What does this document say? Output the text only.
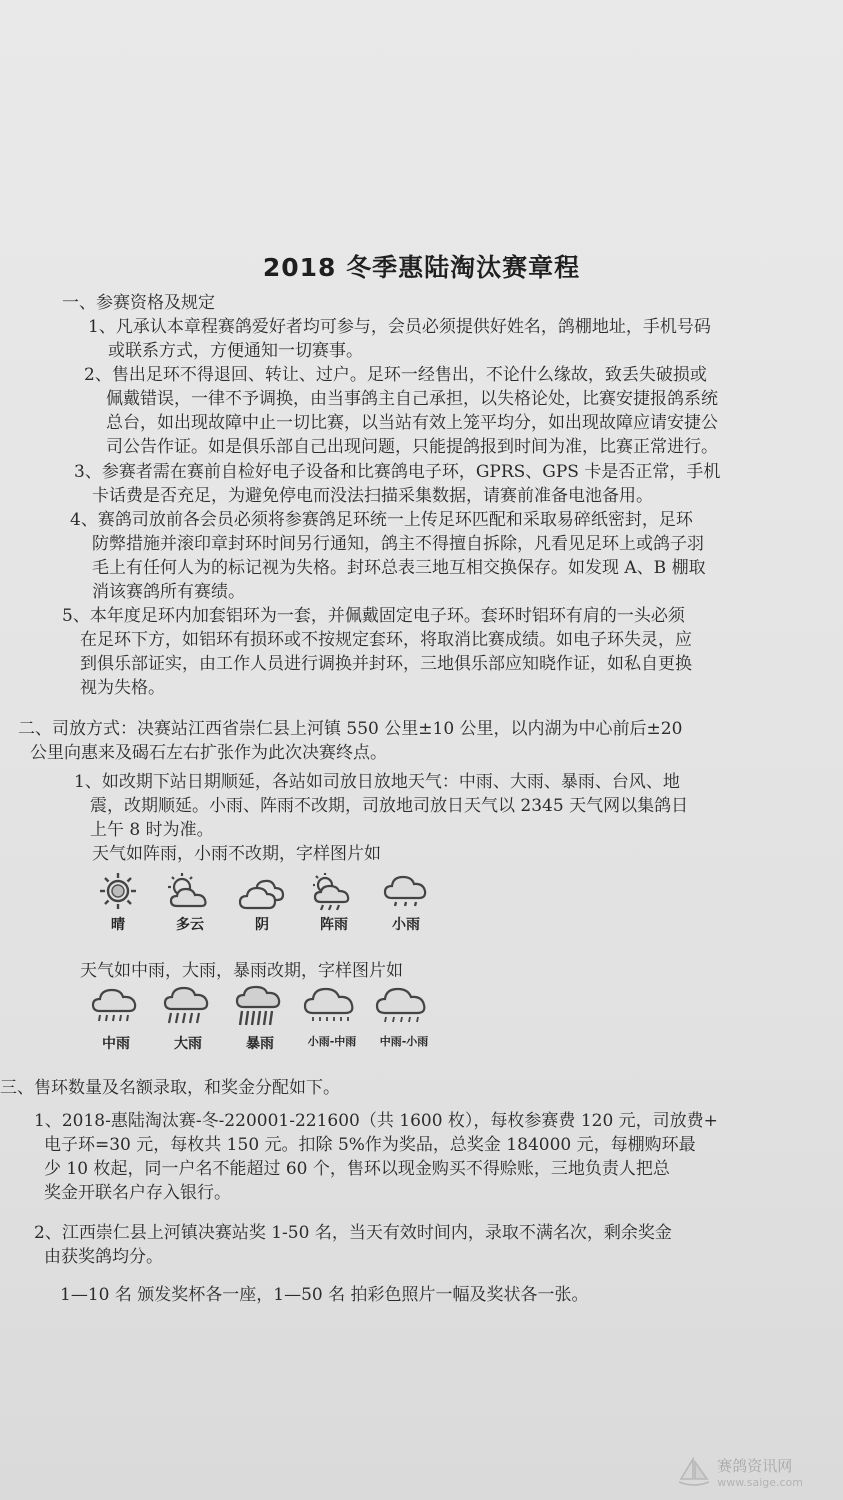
2018 冬季惠陆淘汰赛章程
一、参赛资格及规定
1、凡承认本章程赛鸽爱好者均可参与，会员必须提供好姓名，鸽棚地址，手机号码
或联系方式，方便通知一切赛事。
2、售出足环不得退回、转让、过户。足环一经售出，不论什么缘故，致丢失破损或
佩戴错误，一律不予调换，由当事鸽主自己承担，以失格论处，比赛安捷报鸽系统
总台，如出现故障中止一切比赛，以当站有效上笼平均分，如出现故障应请安捷公
司公告作证。如是俱乐部自己出现问题，只能提鸽报到时间为准，比赛正常进行。
3、参赛者需在赛前自检好电子设备和比赛鸽电子环，GPRS、GPS 卡是否正常，手机
卡话费是否充足，为避免停电而没法扫描采集数据，请赛前准备电池备用。
4、赛鸽司放前各会员必须将参赛鸽足环统一上传足环匹配和采取易碎纸密封，足环
防弊措施并滚印章封环时间另行通知，鸽主不得擅自拆除，凡看见足环上或鸽子羽
毛上有任何人为的标记视为失格。封环总表三地互相交换保存。如发现 A、B 棚取
消该赛鸽所有赛绩。
5、本年度足环内加套铝环为一套，并佩戴固定电子环。套环时铝环有肩的一头必须
在足环下方，如铝环有损环或不按规定套环，将取消比赛成绩。如电子环失灵，应
到俱乐部证实，由工作人员进行调换并封环，三地俱乐部应知晓作证，如私自更换
视为失格。
二、司放方式：决赛站江西省崇仁县上河镇 550 公里±10 公里，以内湖为中心前后±20
公里向惠来及碣石左右扩张作为此次决赛终点。
1、如改期下站日期顺延，各站如司放日放地天气：中雨、大雨、暴雨、台风、地
震，改期顺延。小雨、阵雨不改期，司放地司放日天气以 2345 天气网以集鸽日
上午 8 时为准。
天气如阵雨，小雨不改期，字样图片如
晴	多云	阴	阵雨	小雨
天气如中雨，大雨，暴雨改期，字样图片如
中雨	大雨	暴雨	小雨-中雨 中雨-小雨
三、售环数量及名额录取，和奖金分配如下。
1、2018-惠陆淘汰赛-冬-220001-221600（共 1600 枚），每枚参赛费 120 元，司放费+
电子环=30 元，每枚共 150 元。扣除 5%作为奖品，总奖金 184000 元，每棚购环最
少 10 枚起，同一户名不能超过 60 个，售环以现金购买不得赊账，三地负责人把总
奖金开联名户存入银行。
2、江西崇仁县上河镇决赛站奖 1-50 名，当天有效时间内，录取不满名次，剩余奖金
由获奖鸽均分。
1—10 名 颁发奖杯各一座，1—50 名 拍彩色照片一幅及奖状各一张。
赛鸽资讯网
www.saige.com
